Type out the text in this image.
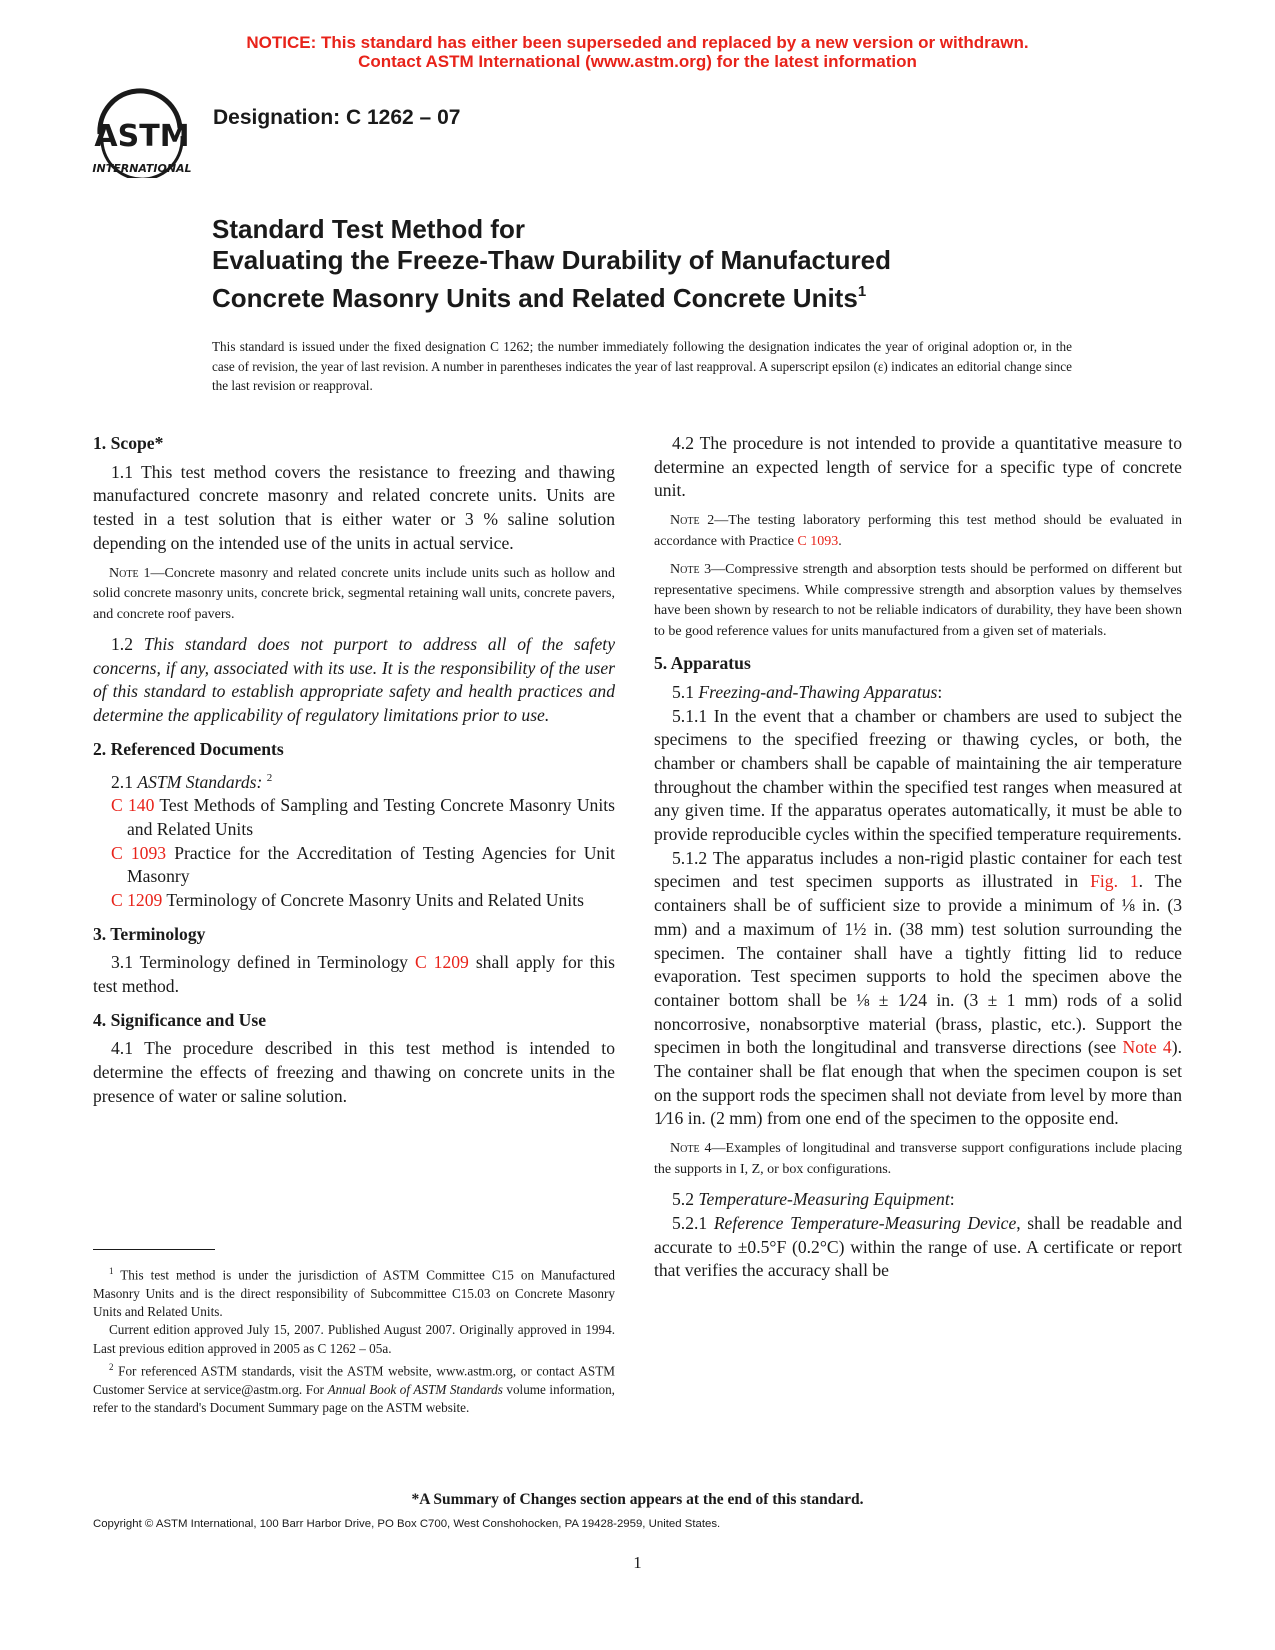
NOTICE: This standard has either been superseded and replaced by a new version or withdrawn.
Contact ASTM International (www.astm.org) for the latest information
ASTM
INTERNATIONAL
Designation: C 1262 – 07
Standard Test Method for
Evaluating the Freeze-Thaw Durability of Manufactured
Concrete Masonry Units and Related Concrete Units$^1$
This standard is issued under the fixed designation C 1262; the number immediately following the designation indicates the year of original adoption or, in the case of revision, the year of last revision. A number in parentheses indicates the year of last reapproval. A superscript epsilon (ε) indicates an editorial change since the last revision or reapproval.

1. Scope*

1.1 This test method covers the resistance to freezing and thawing manufactured concrete masonry and related concrete units. Units are tested in a test solution that is either water or 3 % saline solution depending on the intended use of the units in actual service.

Note 1—Concrete masonry and related concrete units include units such as hollow and solid concrete masonry units, concrete brick, segmental retaining wall units, concrete pavers, and concrete roof pavers.

1.2 This standard does not purport to address all of the safety concerns, if any, associated with its use. It is the responsibility of the user of this standard to establish appropriate safety and health practices and determine the applicability of regulatory limitations prior to use.

2. Referenced Documents

2.1 ASTM Standards: $^2$

C 140 Test Methods of Sampling and Testing Concrete Masonry Units and Related Units

C 1093 Practice for the Accreditation of Testing Agencies for Unit Masonry

C 1209 Terminology of Concrete Masonry Units and Related Units

3. Terminology

3.1 Terminology defined in Terminology C 1209 shall apply for this test method.

4. Significance and Use

4.1 The procedure described in this test method is intended to determine the effects of freezing and thawing on concrete units in the presence of water or saline solution.

$^1$ This test method is under the jurisdiction of ASTM Committee C15 on Manufactured Masonry Units and is the direct responsibility of Subcommittee C15.03 on Concrete Masonry Units and Related Units.

Current edition approved July 15, 2007. Published August 2007. Originally approved in 1994. Last previous edition approved in 2005 as C 1262 – 05a.

$^2$ For referenced ASTM standards, visit the ASTM website, www.astm.org, or contact ASTM Customer Service at service@astm.org. For Annual Book of ASTM Standards volume information, refer to the standard's Document Summary page on the ASTM website.

4.2 The procedure is not intended to provide a quantitative measure to determine an expected length of service for a specific type of concrete unit.

Note 2—The testing laboratory performing this test method should be evaluated in accordance with Practice C 1093.

Note 3—Compressive strength and absorption tests should be performed on different but representative specimens. While compressive strength and absorption values by themselves have been shown by research to not be reliable indicators of durability, they have been shown to be good reference values for units manufactured from a given set of materials.

5. Apparatus

5.1 Freezing-and-Thawing Apparatus:

5.1.1 In the event that a chamber or chambers are used to subject the specimens to the specified freezing or thawing cycles, or both, the chamber or chambers shall be capable of maintaining the air temperature throughout the chamber within the specified test ranges when measured at any given time. If the apparatus operates automatically, it must be able to provide reproducible cycles within the specified temperature requirements.

5.1.2 The apparatus includes a non-rigid plastic container for each test specimen and test specimen supports as illustrated in Fig. 1. The containers shall be of sufficient size to provide a minimum of ⅛ in. (3 mm) and a maximum of 1½ in. (38 mm) test solution surrounding the specimen. The container shall have a tightly fitting lid to reduce evaporation. Test specimen supports to hold the specimen above the container bottom shall be ⅛ ± 1⁄24 in. (3 ± 1 mm) rods of a solid noncorrosive, nonabsorptive material (brass, plastic, etc.). Support the specimen in both the longitudinal and transverse directions (see Note 4). The container shall be flat enough that when the specimen coupon is set on the support rods the specimen shall not deviate from level by more than 1⁄16 in. (2 mm) from one end of the specimen to the opposite end.

Note 4—Examples of longitudinal and transverse support configurations include placing the supports in I, Z, or box configurations.

5.2 Temperature-Measuring Equipment:

5.2.1 Reference Temperature-Measuring Device, shall be readable and accurate to ±0.5°F (0.2°C) within the range of use. A certificate or report that verifies the accuracy shall be

*A Summary of Changes section appears at the end of this standard.
Copyright © ASTM International, 100 Barr Harbor Drive, PO Box C700, West Conshohocken, PA 19428-2959, United States.
1
